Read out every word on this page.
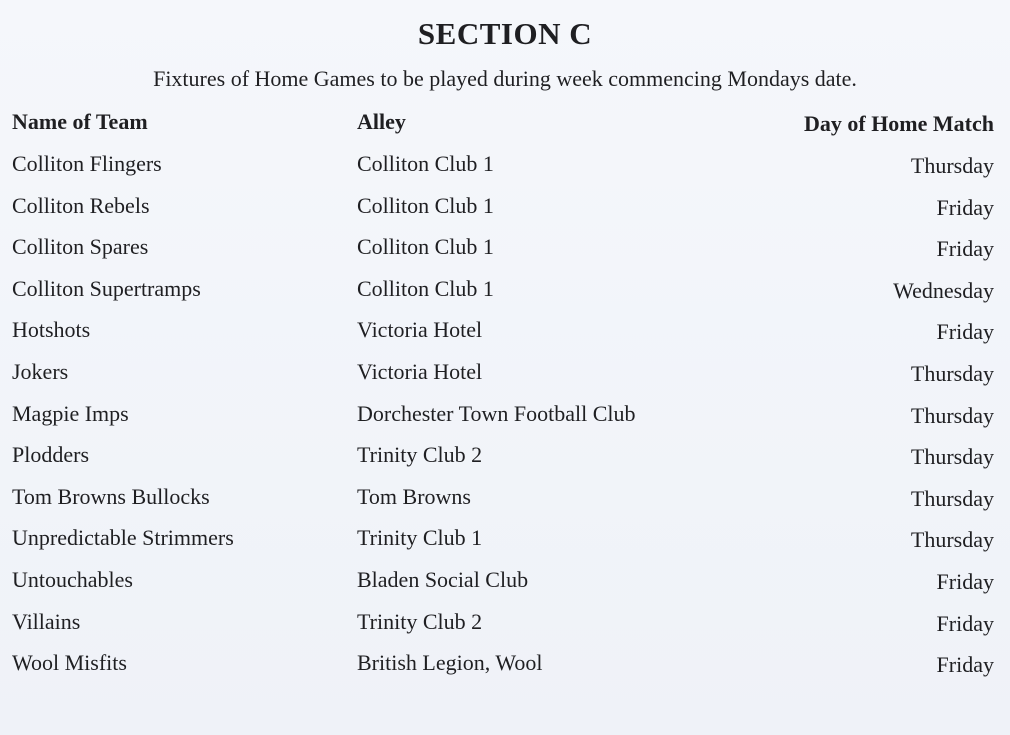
SECTION C
Fixtures of Home Games to be played during week commencing Mondays date.
Name of Team	Alley	Day of Home Match
Colliton Flingers	Colliton Club 1	Thursday
Colliton Rebels	Colliton Club 1	Friday
Colliton Spares	Colliton Club 1	Friday
Colliton Supertramps	Colliton Club 1	Wednesday
Hotshots	Victoria Hotel	Friday
Jokers	Victoria Hotel	Thursday
Magpie Imps	Dorchester Town Football Club	Thursday
Plodders	Trinity Club 2	Thursday
Tom Browns Bullocks	Tom Browns	Thursday
Unpredictable Strimmers	Trinity Club 1	Thursday
Untouchables	Bladen Social Club	Friday
Villains	Trinity Club 2	Friday
Wool Misfits	British Legion, Wool	Friday
